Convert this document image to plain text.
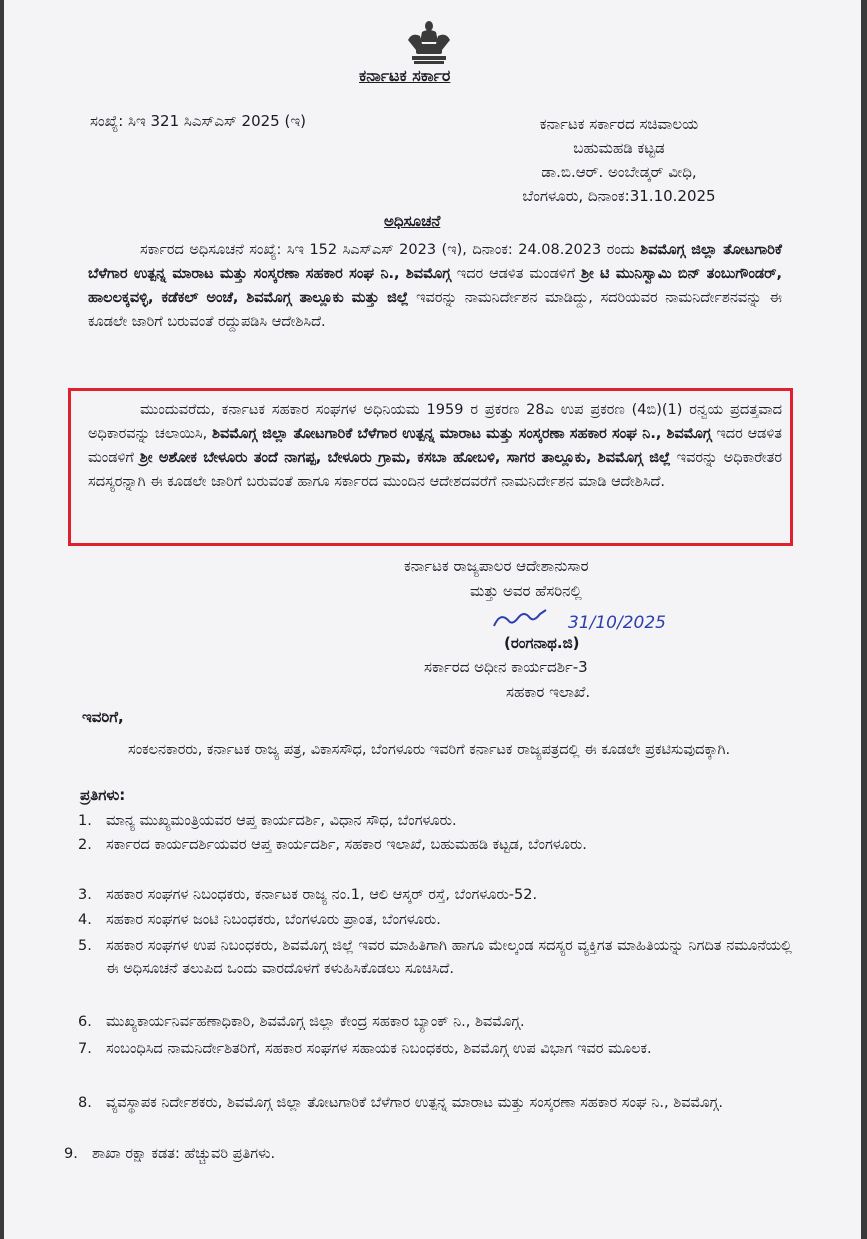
ಕರ್ನಾಟಕ ಸರ್ಕಾರ
ಸಂಖ್ಯೆ: ಸಿಇ 321 ಸಿಎಸ್ಎಸ್ 2025 (ಇ)	ಕರ್ನಾಟಕ ಸರ್ಕಾರದ ಸಚಿವಾಲಯ
ಬಹುಮಹಡಿ ಕಟ್ಟಡ
ಡಾ.ಬಿ.ಆರ್. ಅಂಬೇಡ್ಕರ್ ವೀಧಿ,
ಬೆಂಗಳೂರು, ದಿನಾಂಕ:31.10.2025
ಅಧಿಸೂಚನೆ
ಸರ್ಕಾರದ ಅಧಿಸೂಚನೆ ಸಂಖ್ಯೆ: ಸಿಇ 152 ಸಿಎಸ್ಎಸ್ 2023 (ಇ), ದಿನಾಂಕ: 24.08.2023 ರಂದು ಶಿವಮೊಗ್ಗ ಜಿಲ್ಲಾ ತೋಟಗಾರಿಕೆ ಬೆಳೆಗಾರ ಉತ್ಪನ್ನ ಮಾರಾಟ ಮತ್ತು ಸಂಸ್ಕರಣಾ ಸಹಕಾರ ಸಂಘ ನಿ., ಶಿವಮೊಗ್ಗ ಇದರ ಆಡಳಿತ ಮಂಡಳಿಗೆ ಶ್ರೀ ಟಿ ಮುನಿಸ್ವಾಮಿ ಬಿನ್ ತಂಬುಗೌಂಡರ್, ಹಾಲಲಕ್ಕವಳ್ಳಿ, ಕಡೆಕಲ್ ಅಂಚೆ, ಶಿವಮೊಗ್ಗ ತಾಲ್ಲೂಕು ಮತ್ತು ಜಿಲ್ಲೆ ಇವರನ್ನು ನಾಮನಿರ್ದೇಶನ ಮಾಡಿದ್ದು, ಸದರಿಯವರ ನಾಮನಿರ್ದೇಶನವನ್ನು ಈ ಕೂಡಲೇ ಜಾರಿಗೆ ಬರುವಂತೆ ರದ್ದುಪಡಿಸಿ ಆದೇಶಿಸಿದೆ.
ಮುಂದುವರೆದು, ಕರ್ನಾಟಕ ಸಹಕಾರ ಸಂಘಗಳ ಅಧಿನಿಯಮ 1959 ರ ಪ್ರಕರಣ 28ಎ ಉಪ ಪ್ರಕರಣ (4ಬಿ)(1) ರನ್ವಯ ಪ್ರದತ್ತವಾದ ಅಧಿಕಾರವನ್ನು ಚಲಾಯಿಸಿ, ಶಿವಮೊಗ್ಗ ಜಿಲ್ಲಾ ತೋಟಗಾರಿಕೆ ಬೆಳೆಗಾರ ಉತ್ಪನ್ನ ಮಾರಾಟ ಮತ್ತು ಸಂಸ್ಕರಣಾ ಸಹಕಾರ ಸಂಘ ನಿ., ಶಿವಮೊಗ್ಗ ಇದರ ಆಡಳಿತ ಮಂಡಳಿಗೆ ಶ್ರೀ ಅಶೋಕ ಬೇಳೂರು ತಂದೆ ನಾಗಪ್ಪ, ಬೇಳೂರು ಗ್ರಾಮ, ಕಸಬಾ ಹೋಬಳಿ, ಸಾಗರ ತಾಲ್ಲೂಕು, ಶಿವಮೊಗ್ಗ ಜಿಲ್ಲೆ ಇವರನ್ನು ಅಧಿಕಾರೇತರ ಸದಸ್ಯರನ್ನಾಗಿ ಈ ಕೂಡಲೇ ಜಾರಿಗೆ ಬರುವಂತೆ ಹಾಗೂ ಸರ್ಕಾರದ ಮುಂದಿನ ಆದೇಶದವರೆಗೆ ನಾಮನಿರ್ದೇಶನ ಮಾಡಿ ಆದೇಶಿಸಿದೆ.
ಕರ್ನಾಟಕ ರಾಜ್ಯಪಾಲರ ಆದೇಶಾನುಸಾರ
ಮತ್ತು ಅವರ ಹೆಸರಿನಲ್ಲಿ
31/10/2025
(ರಂಗನಾಥ.ಜಿ)
ಸರ್ಕಾರದ ಅಧೀನ ಕಾರ್ಯದರ್ಶಿ-3
ಸಹಕಾರ ಇಲಾಖೆ.
ಇವರಿಗೆ,
ಸಂಕಲನಕಾರರು, ಕರ್ನಾಟಕ ರಾಜ್ಯ ಪತ್ರ, ವಿಕಾಸಸೌಧ, ಬೆಂಗಳೂರು ಇವರಿಗೆ ಕರ್ನಾಟಕ ರಾಜ್ಯಪತ್ರದಲ್ಲಿ ಈ ಕೂಡಲೇ ಪ್ರಕಟಿಸುವುದಕ್ಕಾಗಿ.
ಪ್ರತಿಗಳು:
1. ಮಾನ್ಯ ಮುಖ್ಯಮಂತ್ರಿಯವರ ಆಪ್ತ ಕಾರ್ಯದರ್ಶಿ, ವಿಧಾನ ಸೌಧ, ಬೆಂಗಳೂರು.
2. ಸರ್ಕಾರದ ಕಾರ್ಯದರ್ಶಿಯವರ ಆಪ್ತ ಕಾರ್ಯದರ್ಶಿ, ಸಹಕಾರ ಇಲಾಖೆ, ಬಹುಮಹಡಿ ಕಟ್ಟಡ, ಬೆಂಗಳೂರು.
3. ಸಹಕಾರ ಸಂಘಗಳ ನಿಬಂಧಕರು, ಕರ್ನಾಟಕ ರಾಜ್ಯ ನಂ.1, ಆಲಿ ಆಸ್ಕರ್ ರಸ್ತೆ, ಬೆಂಗಳೂರು-52.
4. ಸಹಕಾರ ಸಂಘಗಳ ಜಂಟಿ ನಿಬಂಧಕರು, ಬೆಂಗಳೂರು ಪ್ರಾಂತ, ಬೆಂಗಳೂರು.
5. ಸಹಕಾರ ಸಂಘಗಳ ಉಪ ನಿಬಂಧಕರು, ಶಿವಮೊಗ್ಗ ಜಿಲ್ಲೆ ಇವರ ಮಾಹಿತಿಗಾಗಿ ಹಾಗೂ ಮೇಲ್ಕಂಡ ಸದಸ್ಯರ ವ್ಯಕ್ತಿಗತ ಮಾಹಿತಿಯನ್ನು ನಿಗದಿತ ನಮೂನೆಯಲ್ಲಿ ಈ ಅಧಿಸೂಚನೆ ತಲುಪಿದ ಒಂದು ವಾರದೊಳಗೆ ಕಳುಹಿಸಿಕೊಡಲು ಸೂಚಿಸಿದೆ.
6. ಮುಖ್ಯಕಾರ್ಯನಿರ್ವಹಣಾಧಿಕಾರಿ, ಶಿವಮೊಗ್ಗ ಜಿಲ್ಲಾ ಕೇಂದ್ರ ಸಹಕಾರ ಬ್ಯಾಂಕ್ ನಿ., ಶಿವಮೊಗ್ಗ.
7. ಸಂಬಂಧಿಸಿದ ನಾಮನಿರ್ದೇಶಿತರಿಗೆ, ಸಹಕಾರ ಸಂಘಗಳ ಸಹಾಯಕ ನಿಬಂಧಕರು, ಶಿವಮೊಗ್ಗ ಉಪ ವಿಭಾಗ ಇವರ ಮೂಲಕ.
8. ವ್ಯವಸ್ಥಾಪಕ ನಿರ್ದೇಶಕರು, ಶಿವಮೊಗ್ಗ ಜಿಲ್ಲಾ ತೋಟಗಾರಿಕೆ ಬೆಳೆಗಾರ ಉತ್ಪನ್ನ ಮಾರಾಟ ಮತ್ತು ಸಂಸ್ಕರಣಾ ಸಹಕಾರ ಸಂಘ ನಿ., ಶಿವಮೊಗ್ಗ.
9. ಶಾಖಾ ರಕ್ಷಾ ಕಡತ: ಹೆಚ್ಚುವರಿ ಪ್ರತಿಗಳು.
